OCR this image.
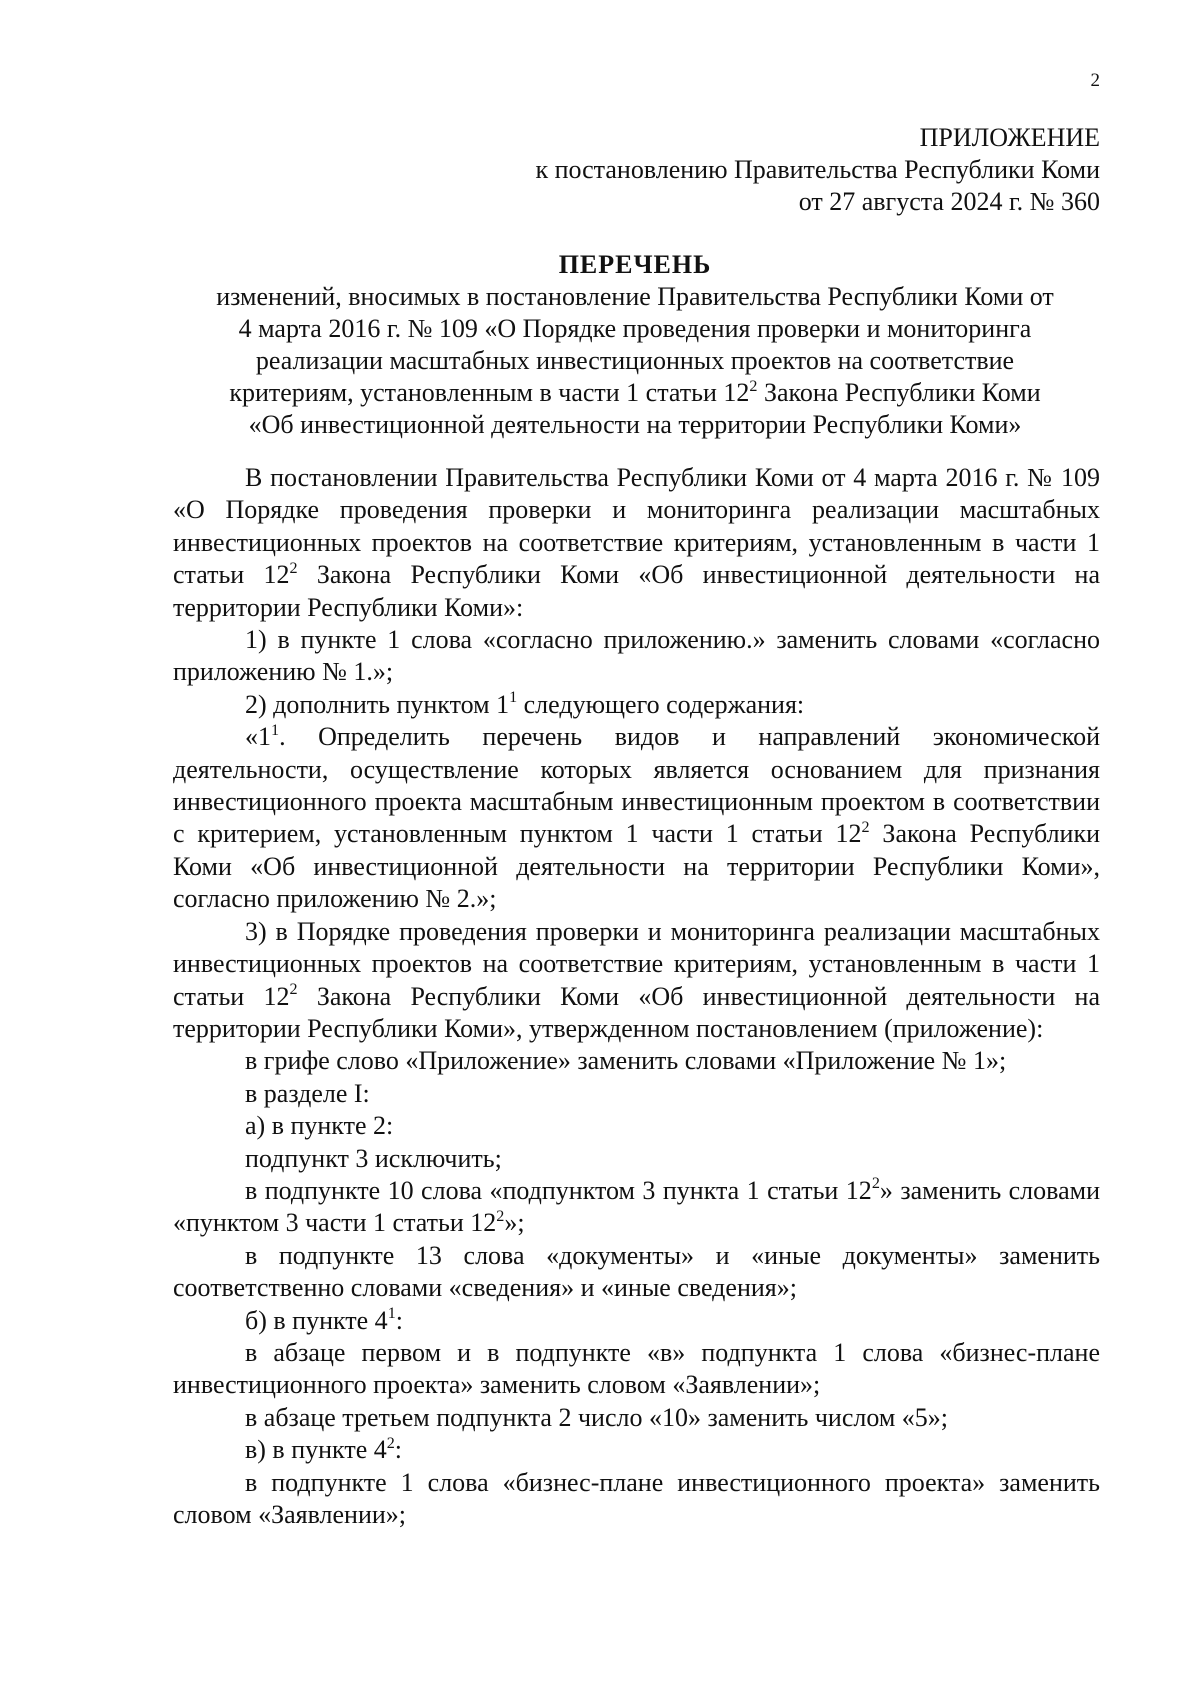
2
ПРИЛОЖЕНИЕ
к постановлению Правительства Республики Коми
от 27 августа 2024 г. № 360
ПЕРЕЧЕНЬ
изменений, вносимых в постановление Правительства Республики Коми от
4 марта 2016 г. № 109 «О Порядке проведения проверки и мониторинга
реализации масштабных инвестиционных проектов на соответствие
критериям, установленным в части 1 статьи $12^2$ Закона Республики Коми
«Об инвестиционной деятельности на территории Республики Коми»

В постановлении Правительства Республики Коми от 4 марта 2016 г. № 109 «О Порядке проведения проверки и мониторинга реализации масштабных инвестиционных проектов на соответствие критериям, установленным в части 1 статьи $12^2$ Закона Республики Коми «Об инвестиционной деятельности на территории Республики Коми»:

1) в пункте 1 слова «согласно приложению.» заменить словами «согласно приложению № 1.»;

2) дополнить пунктом $1^1$ следующего содержания:

«$1^1$. Определить перечень видов и направлений экономической деятельности, осуществление которых является основанием для признания инвестиционного проекта масштабным инвестиционным проектом в соответствии с критерием, установленным пунктом 1 части 1 статьи $12^2$ Закона Республики Коми «Об инвестиционной деятельности на территории Республики Коми», согласно приложению № 2.»;

3) в Порядке проведения проверки и мониторинга реализации масштабных инвестиционных проектов на соответствие критериям, установленным в части 1 статьи $12^2$ Закона Республики Коми «Об инвестиционной деятельности на территории Республики Коми», утвержденном постановлением (приложение):

в грифе слово «Приложение» заменить словами «Приложение № 1»;

в разделе I:

а) в пункте 2:

подпункт 3 исключить;

в подпункте 10 слова «подпунктом 3 пункта 1 статьи $12^2$» заменить словами «пунктом 3 части 1 статьи $12^2$»;

в подпункте 13 слова «документы» и «иные документы» заменить соответственно словами «сведения» и «иные сведения»;

б) в пункте $4^1$:

в абзаце первом и в подпункте «в» подпункта 1 слова «бизнес-плане инвестиционного проекта» заменить словом «Заявлении»;

в абзаце третьем подпункта 2 число «10» заменить числом «5»;

в) в пункте $4^2$:

в подпункте 1 слова «бизнес-плане инвестиционного проекта» заменить словом «Заявлении»;
